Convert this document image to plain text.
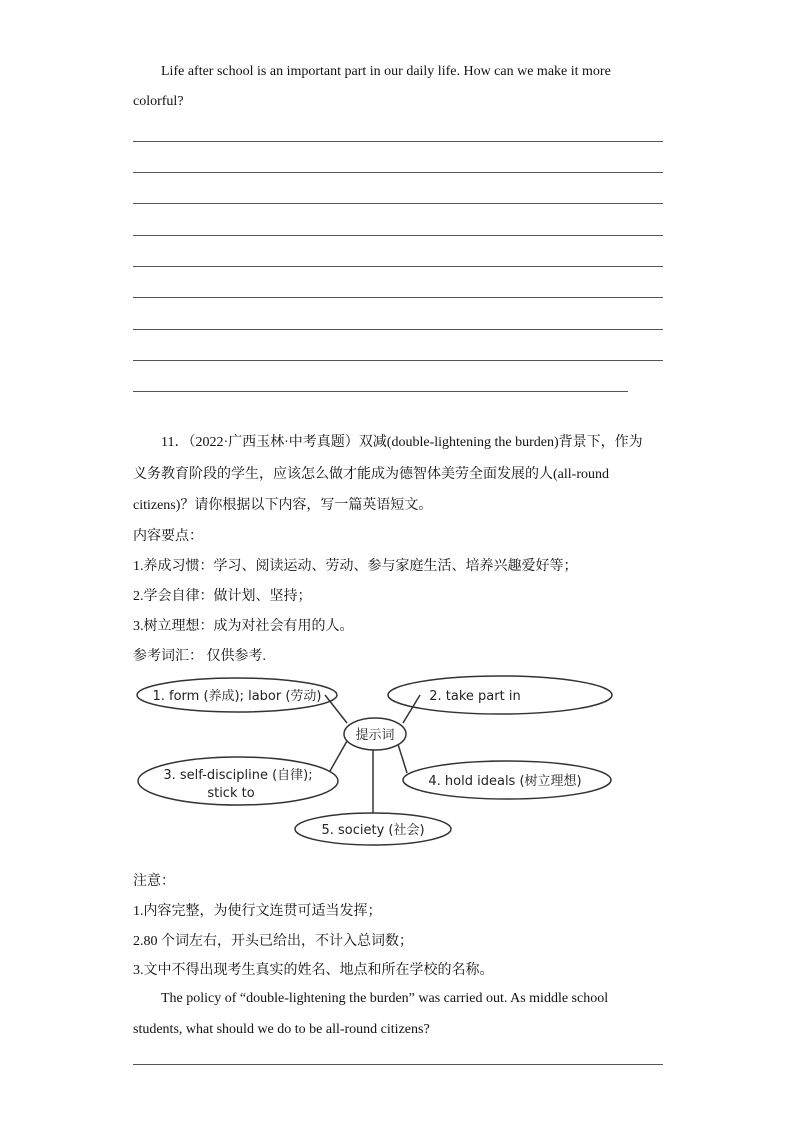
Life after school is an important part in our daily life. How can we make it more
colorful?
11．（2022·广西玉林·中考真题）双减(double-lightening the burden)背景下，作为
义务教育阶段的学生，应该怎么做才能成为德智体美劳全面发展的人(all-round
citizens)？请你根据以下内容，写一篇英语短文。
内容要点：
1.养成习惯：学习、阅读运动、劳动、参与家庭生活、培养兴趣爱好等；
2.学会自律：做计划、坚持；
3.树立理想：成为对社会有用的人。
参考词汇： 仅供参考.
1. form (养成); labor (劳动)	2. take part in
3. self-discipline (自律);
stick to
4. hold ideals (树立理想)
5. society (社会)
提示词
注意：
1.内容完整，为使行文连贯可适当发挥；
2.80 个词左右，开头已给出，不计入总词数；
3.文中不得出现考生真实的姓名、地点和所在学校的名称。
The policy of “double-lightening the burden” was carried out. As middle school
students, what should we do to be all-round citizens?
